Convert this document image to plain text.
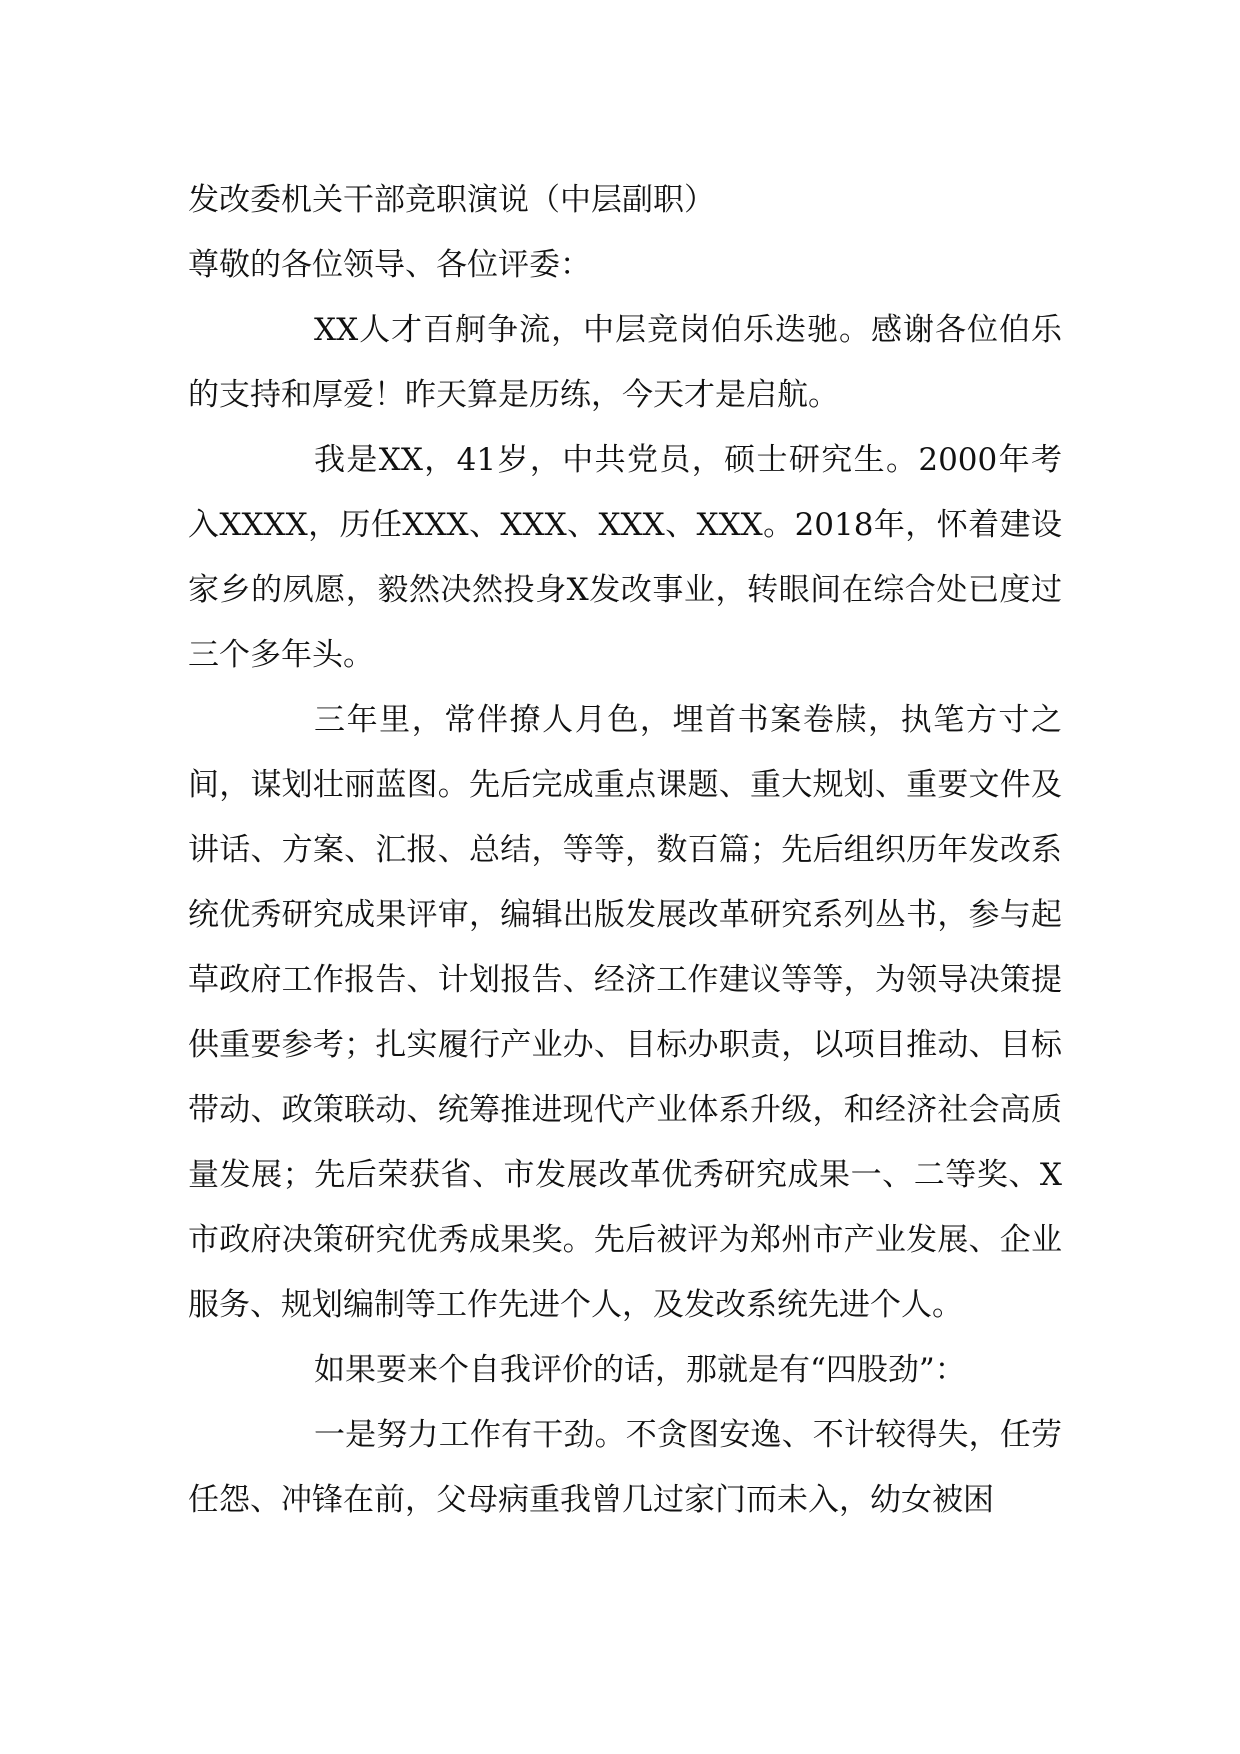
发改委机关干部竞职演说（中层副职）

尊敬的各位领导、各位评委：

XX人才百舸争流，中层竞岗伯乐迭驰。感谢各位伯乐的支持和厚爱！昨天算是历练，今天才是启航。

我是XX，41岁，中共党员，硕士研究生。2000年考入XXXX，历任XXX、XXX、XXX、XXX。2018年，怀着建设家乡的夙愿，毅然决然投身X发改事业，转眼间在综合处已度过三个多年头。

三年里，常伴撩人月色，埋首书案卷牍，执笔方寸之间，谋划壮丽蓝图。先后完成重点课题、重大规划、重要文件及讲话、方案、汇报、总结，等等，数百篇；先后组织历年发改系统优秀研究成果评审，编辑出版发展改革研究系列丛书，参与起草政府工作报告、计划报告、经济工作建议等等，为领导决策提供重要参考；扎实履行产业办、目标办职责，以项目推动、目标带动、政策联动、统筹推进现代产业体系升级，和经济社会高质量发展；先后荣获省、市发展改革优秀研究成果一、二等奖、X市政府决策研究优秀成果奖。先后被评为郑州市产业发展、企业服务、规划编制等工作先进个人，及发改系统先进个人。

如果要来个自我评价的话，那就是有“四股劲”：

一是努力工作有干劲。不贪图安逸、不计较得失，任劳任怨、冲锋在前，父母病重我曾几过家门而未入，幼女被困
